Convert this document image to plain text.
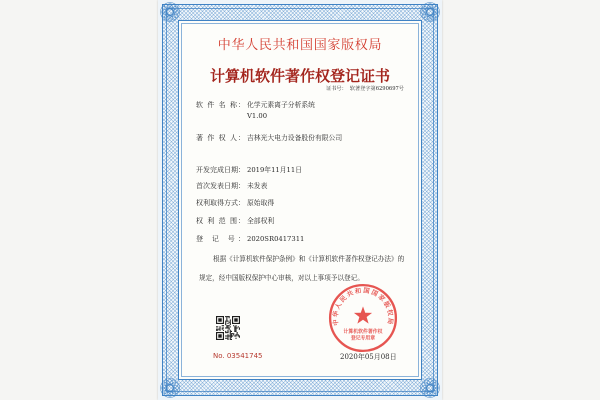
中华人民共和国国家版权局
计算机软件著作权登记证书
证书号： 软著登字第6290697号
软 件 名 称： 化学元素离子分析系统
V1.00
著 作 权 人： 吉林光大电力设备股份有限公司
开发完成日期： 2019年11月11日
首次发表日期： 未发表
权利取得方式： 原始取得
权 利 范 围： 全部权利
登 记 号： 2020SR0417311
根据《计算机软件保护条例》和《计算机软件著作权登记办法》的
规定，经中国版权保护中心审核，对以上事项予以登记。
No. 03541745	2020年05月08日
中华人民共和国国家版权局
计算机软件著作权
登记专用章
